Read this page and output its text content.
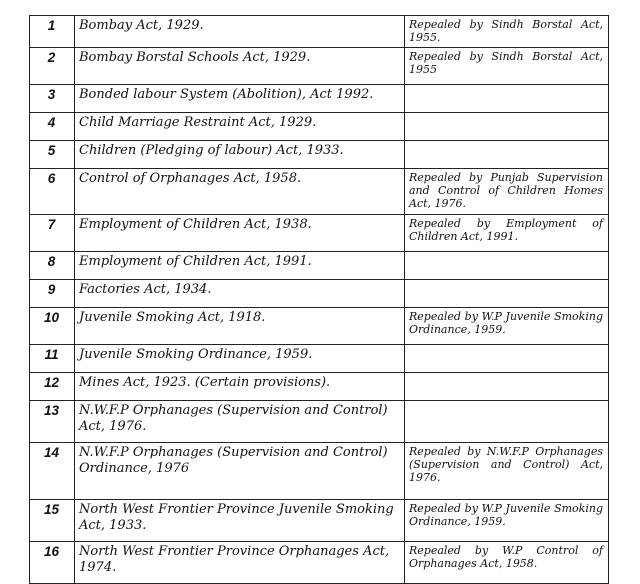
1	Bombay Act, 1929.	Repealed by Sindh Borstal Act, 1955.
2	Bombay Borstal Schools Act, 1929.	Repealed by Sindh Borstal Act, 1955
3	Bonded labour System (Abolition), Act 1992.	
4	Child Marriage Restraint Act, 1929.	
5	Children (Pledging of labour) Act, 1933.	
6	Control of Orphanages Act, 1958.	Repealed by Punjab Supervision and Control of Children Homes Act, 1976.
7	Employment of Children Act, 1938.	Repealed by Employment of Children Act, 1991.
8	Employment of Children Act, 1991.	
9	Factories Act, 1934.	
10	Juvenile Smoking Act, 1918.	Repealed by W.P Juvenile Smoking Ordinance, 1959.
11	Juvenile Smoking Ordinance, 1959.	
12	Mines Act, 1923. (Certain provisions).	
13	N.W.F.P Orphanages (Supervision and Control) Act, 1976.	
14	N.W.F.P Orphanages (Supervision and Control) Ordinance, 1976	Repealed by N.W.F.P Orphanages (Supervision and Control) Act, 1976.
15	North West Frontier Province Juvenile Smoking Act, 1933.	Repealed by W.P Juvenile Smoking Ordinance, 1959.
16	North West Frontier Province Orphanages Act, 1974.	Repealed by W.P Control of Orphanages Act, 1958.
